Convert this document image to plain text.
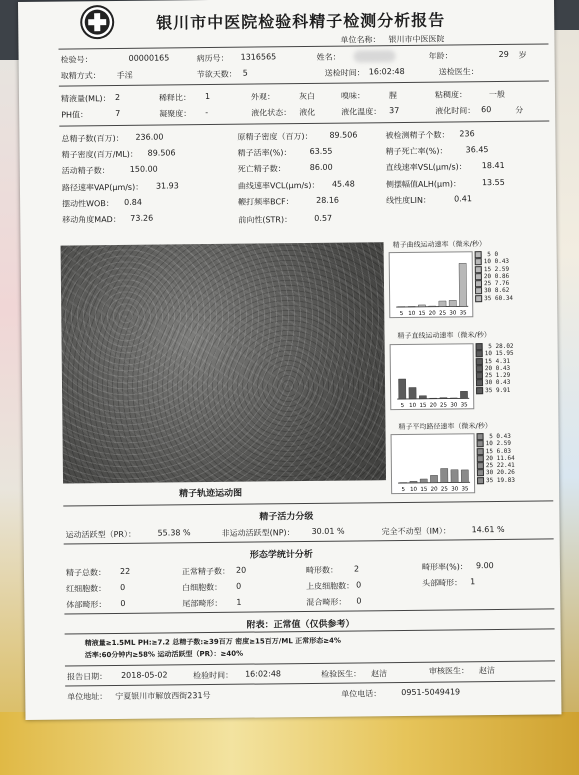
银川市中医院检验科精子检测分析报告
单位名称： 银川市中医医院
检验号：	00000165	病历号： 1316565	姓名：	年龄：	29 岁
取精方式： 手淫	节欲天数： 5	送检时间： 16:02:48	送检医生：
精液量(ML)： 2	稀释比： 1	外观：	灰白	嗅味：	腥	粘稠度：	一般
PH值：	7	凝聚度： -	液化状态： 液化	液化温度： 37	液化时间： 60	分
总精子数(百万)： 236.00	原精子密度（百万)： 89.506	被检测精子个数： 236
精子密度(百万/ML)： 89.506	精子活率(%)： 63.55	精子死亡率(%)： 36.45
活动精子数： 150.00	死亡精子数：	86.00	直线速率VSL(μm/s)： 18.41
路径速率VAP(μm/s)： 31.93	曲线速率VCL(μm/s)： 45.48	侧摆幅值ALH(μm)：	13.55
摆动性WOB： 0.84	鞭打频率BCF：	28.16	线性度LIN：	0.41
移动角度MAD： 73.26	前向性(STR)：	0.57
精子轨迹运动图
精子曲线运动速率（微米/秒）
5 10 15 20 25 30 35
5 0
10 0.43
15 2.59
20 0.86
25 7.76
30 8.62
35 60.34
精子直线运动速率（微米/秒）
5 10 15 20 25 30 35
5 28.02
10 15.95
15 4.31
20 0.43
25 1.29
30 0.43
35 9.91
精子平均路径速率（微米/秒）
5 10 15 20 25 30 35
5 0.43
10 2.59
15 6.03
20 11.64
25 22.41
30 20.26
35 19.83
精子活力分级
运动活跃型（PR）：	55.38 %	非运动活跃型(NP)： 30.01 %	完全不动型（IM）：	14.61 %
形态学统计分析
精子总数： 22	正常精子数： 20	畸形数： 2	畸形率(%)： 9.00
红细胞数： 0	白细胞数： 0	上皮细胞数： 0	头部畸形： 1
体部畸形： 0	尾部畸形： 1	混合畸形： 0
附表：正常值（仅供参考）
精液量≥1.5ML PH:≥7.2 总精子数:≥39百万 密度≥15百万/ML 正常形态≥4%
活率:60分钟内≥58% 运动活跃型（PR）：≥40%
报告日期： 2018-05-02	检验时间： 16:02:48	检验医生： 赵洁	审核医生： 赵洁
单位地址： 宁夏银川市解放西街231号	单位电话： 0951-5049419
